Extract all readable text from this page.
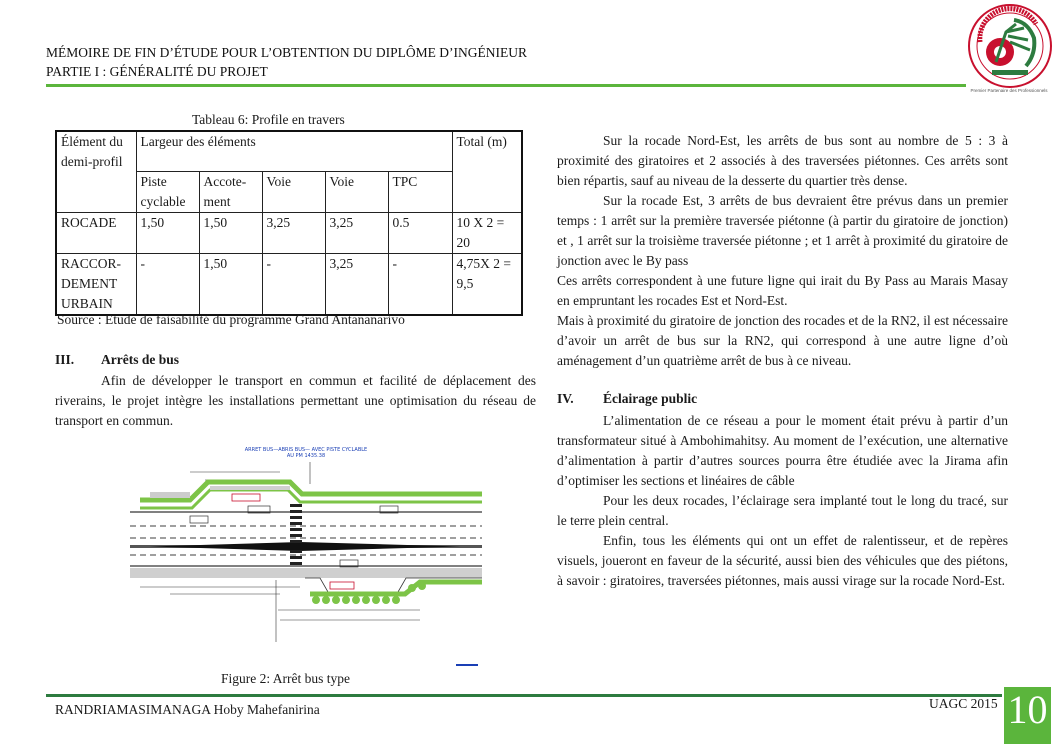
MÉMOIRE DE FIN D’ÉTUDE POUR L’OBTENTION DU DIPLÔME D’INGÉNIEUR
PARTIE I : GÉNÉRALITÉ DU PROJET
Premier Partenaire des Professionnels
Tableau 6: Profile en travers
Élément du demi-profil	Largeur des éléments					Total (m)
	Piste cyclable	Accote-ment	Voie	Voie	TPC	
ROCADE	1,50	1,50	3,25	3,25	0.5	10 X 2 = 20
RACCOR-DEMENT URBAIN	-	1,50	-	3,25	-	4,75X 2 = 9,5
Source : Etude de faisabilité du programme Grand Antananarivo
III. Arrêts de bus

Afin de développer le transport en commun et facilité de déplacement des riverains, le projet intègre les installations permettant une optimisation du réseau de transport en commun.

ARRET BUS—ABRIS BUS— AVEC PISTE CYCLABLE
AU PM 1435.38
Figure 2: Arrêt bus type

Sur la rocade Nord-Est, les arrêts de bus sont au nombre de 5 : 3 à proximité des giratoires et 2 associés à des traversées piétonnes. Ces arrêts sont bien répartis, sauf au niveau de la desserte du quartier très dense.

Sur la rocade Est, 3 arrêts de bus devraient être prévus dans un premier temps : 1 arrêt sur la première traversée piétonne (à partir du giratoire de jonction) et , 1 arrêt sur la troisième traversée piétonne ; et 1 arrêt à proximité du giratoire de jonction avec le By pass

Ces arrêts correspondent à une future ligne qui irait du By Pass au Marais Masay en empruntant les rocades Est et Nord-Est.

Mais à proximité du giratoire de jonction des rocades et de la RN2, il est nécessaire d’avoir un arrêt de bus sur la RN2, qui correspond à une autre ligne d’où aménagement d’un quatrième arrêt de bus à ce niveau.

IV. Éclairage public

L’alimentation de ce réseau a pour le moment était prévu à partir d’un transformateur situé à Ambohimahitsy. Au moment de l’exécution, une alternative d’alimentation à partir d’autres sources pourra être étudiée avec la Jirama afin d’optimiser les sections et linéaires de câble

Pour les deux rocades, l’éclairage sera implanté tout le long du tracé, sur le terre plein central.

Enfin, tous les éléments qui ont un effet de ralentisseur, et de repères visuels, joueront en faveur de la sécurité, aussi bien des véhicules que des piétons, à savoir : giratoires, traversées piétonnes, mais aussi virage sur la rocade Nord-Est.

RANDRIAMASIMANAGA Hoby Mahefanirina	UAGC 2015 10
